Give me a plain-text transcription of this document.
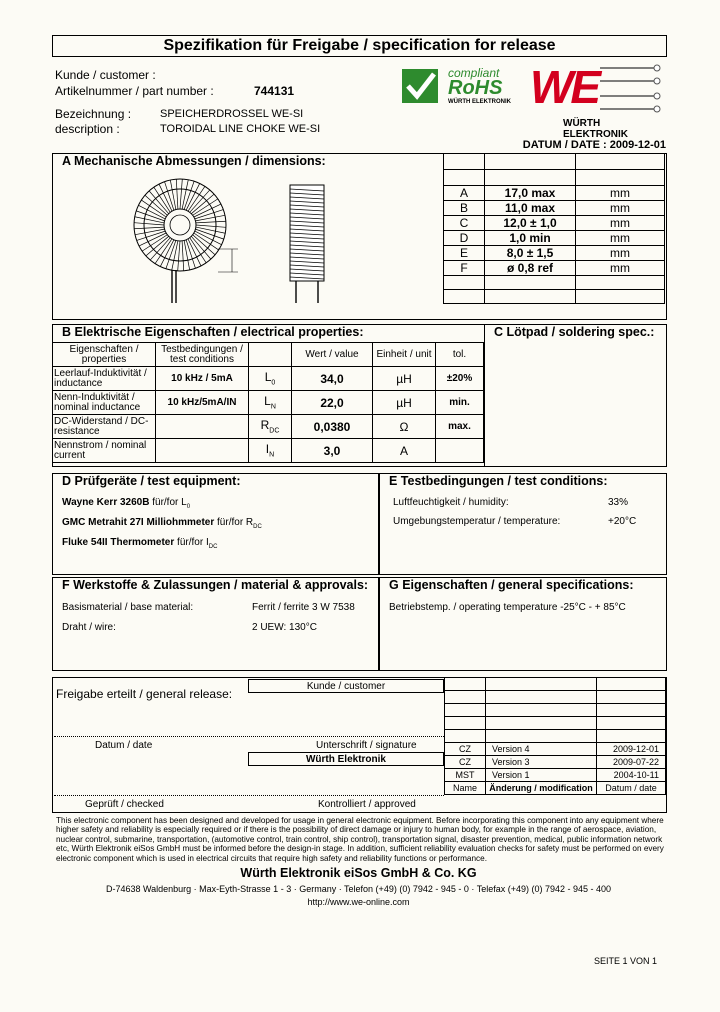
Spezifikation für Freigabe / specification for release
Kunde / customer :
Artikelnummer / part number :	744131
Bezeichnung :	SPEICHERDROSSEL WE-SI
description :	TOROIDAL LINE CHOKE WE-SI
DATUM / DATE : 2009-12-01
compliant
RoHS
WÜRTH ELEKTRONIK WE
WÜRTH ELEKTRONIK
A Mechanische Abmessungen / dimensions:

A	17,0 max	mm
B	11,0 max	mm
C	12,0 ± 1,0	mm
D	1,0 min	mm
E	8,0 ± 1,5	mm
F	ø 0,8 ref	mm

B Elektrische Eigenschaften / electrical properties:
Eigenschaften / properties	Testbedingungen / test conditions		Wert / value	Einheit / unit	tol.
Leerlauf-Induktivität / inductance	10 kHz / 5mA	$L_0$	34,0	µH	±20%
Nenn-Induktivität / nominal inductance	10 kHz/5mA/IN	$L_N$	22,0	µH	min.
DC-Widerstand / DC-resistance		$R_{DC}$	0,0380	Ω	max.
Nennstrom / nominal current		$I_N$	3,0	A	
C Lötpad / soldering spec.:
D Prüfgeräte / test equipment:
Wayne Kerr 3260B für/for $L_0$
GMC Metrahit 27I Milliohmmeter für/for $R_{DC}$
Fluke 54II Thermometer für/for $I_{DC}$
E Testbedingungen / test conditions:
Luftfeuchtigkeit / humidity:	33%
Umgebungstemperatur / temperature:	+20°C
F Werkstoffe & Zulassungen / material & approvals:
Basismaterial / base material:	Ferrit / ferrite 3 W 7538
Draht / wire:	2 UEW: 130°C
G Eigenschaften / general specifications:
Betriebstemp. / operating temperature -25°C - + 85°C
Freigabe erteilt / general release:
Datum / date	Unterschrift / signature
Geprüft / checked	Kontrolliert / approved
Kunde / customer
Würth Elektronik

CZ	Version 4	2009-12-01
CZ	Version 3	2009-07-22
MST	Version 1	2004-10-11
Name	Änderung / modification	Datum / date
This electronic component has been designed and developed for usage in general electronic equipment. Before incorporating this component into any equipment where higher safety and reliability is especially required or if there is the possibility of direct damage or injury to human body, for example in the range of aerospace, aviation, nuclear control, submarine, transportation, (automotive control, train control, ship control), transportation signal, disaster prevention, medical, public information network etc, Würth Elektronik eiSos GmbH must be informed before the design-in stage. In addition, sufficient reliability evaluation checks for safety must be performed on every electronic component which is used in electrical circuits that require high safety and reliability functions or performance.
Würth Elektronik eiSos GmbH & Co. KG
D-74638 Waldenburg · Max-Eyth-Strasse 1 - 3 · Germany · Telefon (+49) (0) 7942 - 945 - 0 · Telefax (+49) (0) 7942 - 945 - 400
http://www.we-online.com
SEITE 1 VON 1
